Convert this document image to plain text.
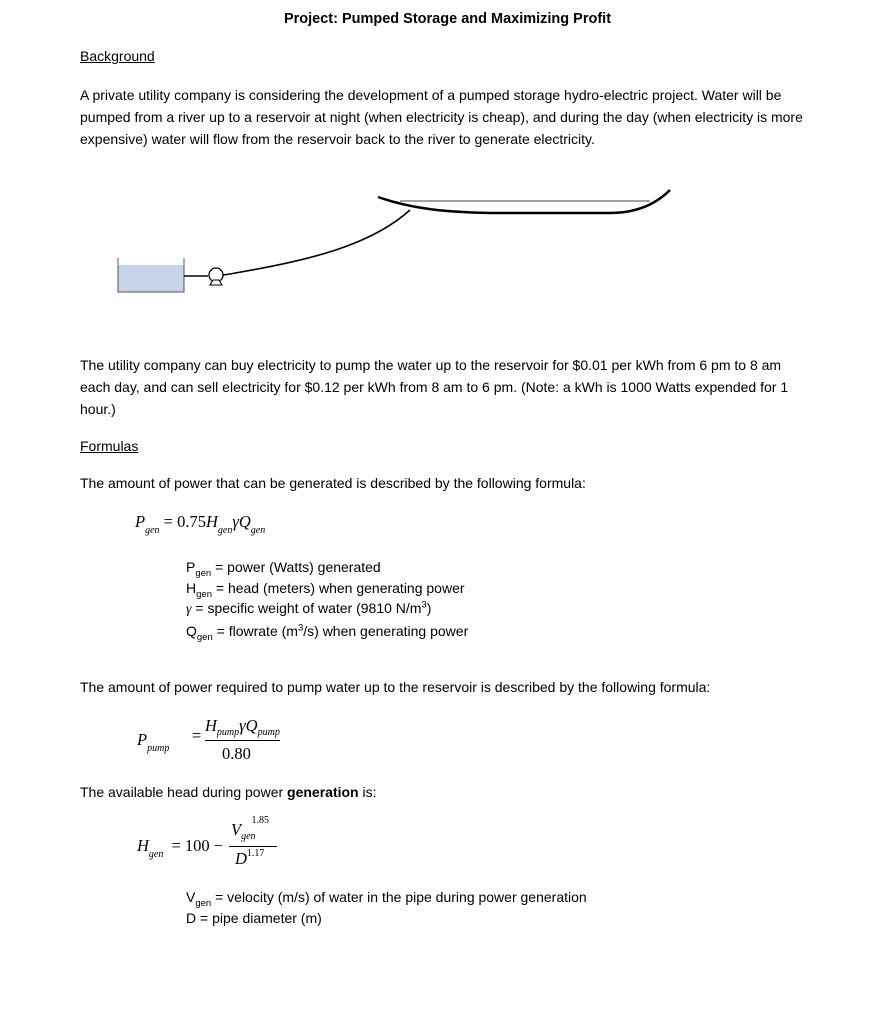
Project: Pumped Storage and Maximizing Profit
Background
A private utility company is considering the development of a pumped storage hydro-electric project. Water will be pumped from a river up to a reservoir at night (when electricity is cheap), and during the day (when electricity is more expensive) water will flow from the reservoir back to the river to generate electricity.
The utility company can buy electricity to pump the water up to the reservoir for $0.01 per kWh from 6 pm to 8 am each day, and can sell electricity for $0.12 per kWh from 8 am to 6 pm. (Note: a kWh is 1000 Watts expended for 1 hour.)
Formulas
The amount of power that can be generated is described by the following formula:
$P_{gen} = 0.75H_{gen}\gamma Q_{gen}$
$P_{gen}$ = power (Watts) generated
$H_{gen}$ = head (meters) when generating power
γ = specific weight of water (9810 $N/m^3$)
$Q_{gen}$ = flowrate $(m^3/s)$ when generating power
The amount of power required to pump water up to the reservoir is described by the following formula:
$P_{pump}$
=
$H_{pump}\gamma Q_{pump}$
0.80
The available head during power generation is:
$H_{gen} = 100$ −
$V_{gen}^{1.85}$
$D^{1.17}$
$V_{gen}$ = velocity (m/s) of water in the pipe during power generation
D = pipe diameter (m)
